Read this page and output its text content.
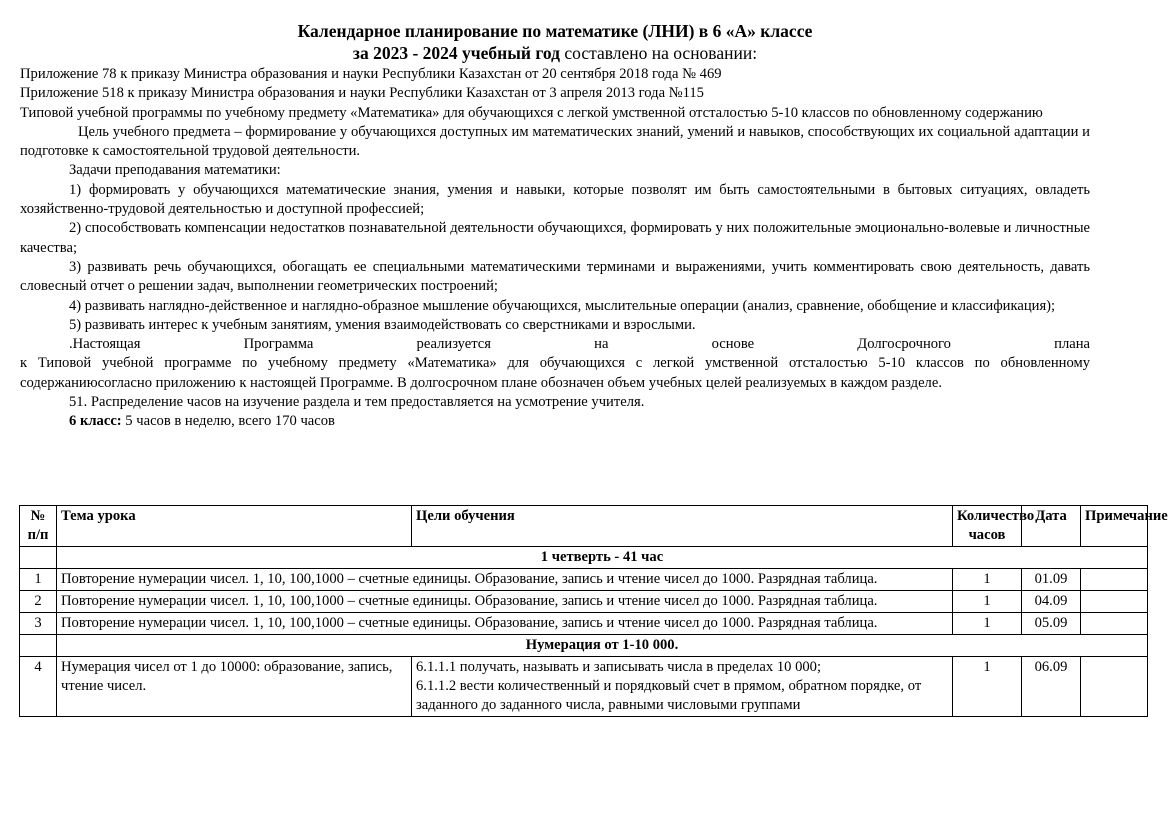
Календарное планирование по математике (ЛНИ) в 6 «А» классе
за 2023 - 2024 учебный год составлено на основании:

Приложение 78 к приказу Министра образования и науки Республики Казахстан от 20 сентября 2018 года № 469

Приложение 518 к приказу Министра образования и науки Республики Казахстан от 3 апреля 2013 года №115

Типовой учебной программы по учебному предмету «Математика» для обучающихся с легкой умственной отсталостью 5-10 классов по обновленному содержанию

Цель учебного предмета – формирование у обучающихся доступных им математических знаний, умений и навыков, способствующих их социальной адаптации и подготовке к самостоятельной трудовой деятельности.

Задачи преподавания математики:

1) формировать у обучающихся математические знания, умения и навыки, которые позволят им быть самостоятельными в бытовых ситуациях, овладеть хозяйственно-трудовой деятельностью и доступной профессией;

2) способствовать компенсации недостатков познавательной деятельности обучающихся, формировать у них положительные эмоционально-волевые и личностные качества;

3) развивать речь обучающихся, обогащать ее специальными математическими терминами и выражениями, учить комментировать свою деятельность, давать словесный отчет о решении задач, выполнении геометрических построений;

4) развивать наглядно-действенное и наглядно-образное мышление обучающихся, мыслительные операции (анализ, сравнение, обобщение и классификация);

5) развивать интерес к учебным занятиям, умения взаимодействовать со сверстниками и взрослыми.

.Настоящая Программа реализуется на основе Долгосрочного плана

к Типовой учебной программе по учебному предмету «Математика» для обучающихся с легкой умственной отсталостью 5-10 классов по обновленному содержаниюсогласно приложению к настоящей Программе. В долгосрочном плане обозначен объем учебных целей реализуемых в каждом разделе.

51. Распределение часов на изучение раздела и тем предоставляется на усмотрение учителя.

6 класс: 5 часов в неделю, всего 170 часов

№ п/п	Тема урока	Цели обучения	Количество часов	Дата	Примечание
	1 четверть - 41 час				
1	Повторение нумерации чисел. 1, 10, 100,1000 – счетные единицы. Образование, запись и чтение чисел до 1000. Разрядная таблица.		1	01.09	
2	Повторение нумерации чисел. 1, 10, 100,1000 – счетные единицы. Образование, запись и чтение чисел до 1000. Разрядная таблица.		1	04.09	
3	Повторение нумерации чисел. 1, 10, 100,1000 – счетные единицы. Образование, запись и чтение чисел до 1000. Разрядная таблица.		1	05.09	
	Нумерация от 1-10 000.				
4	Нумерация чисел от 1 до 10000: образование, запись, чтение чисел.	6.1.1.1 получать, называть и записывать числа в пределах 10 000;
6.1.1.2 вести количественный и порядковый счет в прямом, обратном порядке, от заданного до заданного числа, равными числовыми группами	1	06.09	
